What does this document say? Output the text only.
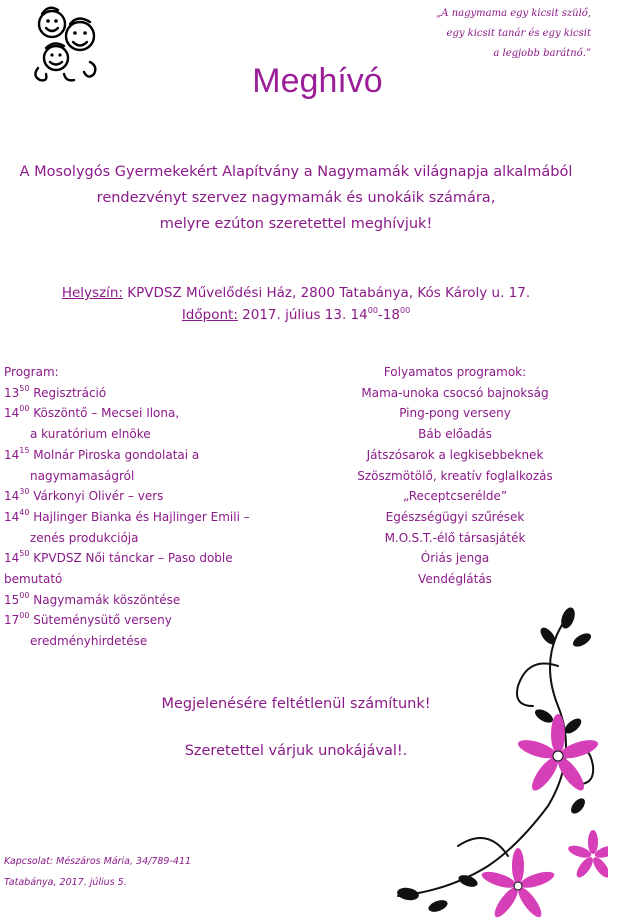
„A nagymama egy kicsit szülő,
egy kicsit tanár és egy kicsit
a legjobb barátnő.”
Meghívó
A Mosolygós Gyermekekért Alapítvány a Nagymamák világnapja alkalmából
rendezvényt szervez nagymamák és unokáik számára,
melyre ezúton szeretettel meghívjuk!
Helyszín: KPVDSZ Művelődési Ház, 2800 Tatabánya, Kós Károly u. 17.
Időpont: 2017. július 13. $14^{00}-18^{00}$
Program:
$13^{50}$ Regisztráció
$14^{00}$ Köszöntő – Mecsei Ilona,
a kuratórium elnöke
$14^{15}$ Molnár Piroska gondolatai a
nagymamaságról
$14^{30}$ Várkonyi Olivér – vers
$14^{40}$ Hajlinger Bianka és Hajlinger Emili –
zenés produkciója
$14^{50}$ KPVDSZ Női tánckar – Paso doble
bemutató
$15^{00}$ Nagymamák köszöntése
$17^{00}$ Süteménysütő verseny
eredményhirdetése
Folyamatos programok:
Mama-unoka csocsó bajnokság
Ping-pong verseny
Báb előadás
Játszósarok a legkisebbeknek
Szöszmötölő, kreatív foglalkozás
„Receptcserélde”
Egészségügyi szűrések
M.O.S.T.-élő társasjáték
Óriás jenga
Vendéglátás
Megjelenésére feltétlenül számítunk!
Szeretettel várjuk unokájával!.
Kapcsolat: Mészáros Mária, 34/789-411
Tatabánya, 2017. július 5.
